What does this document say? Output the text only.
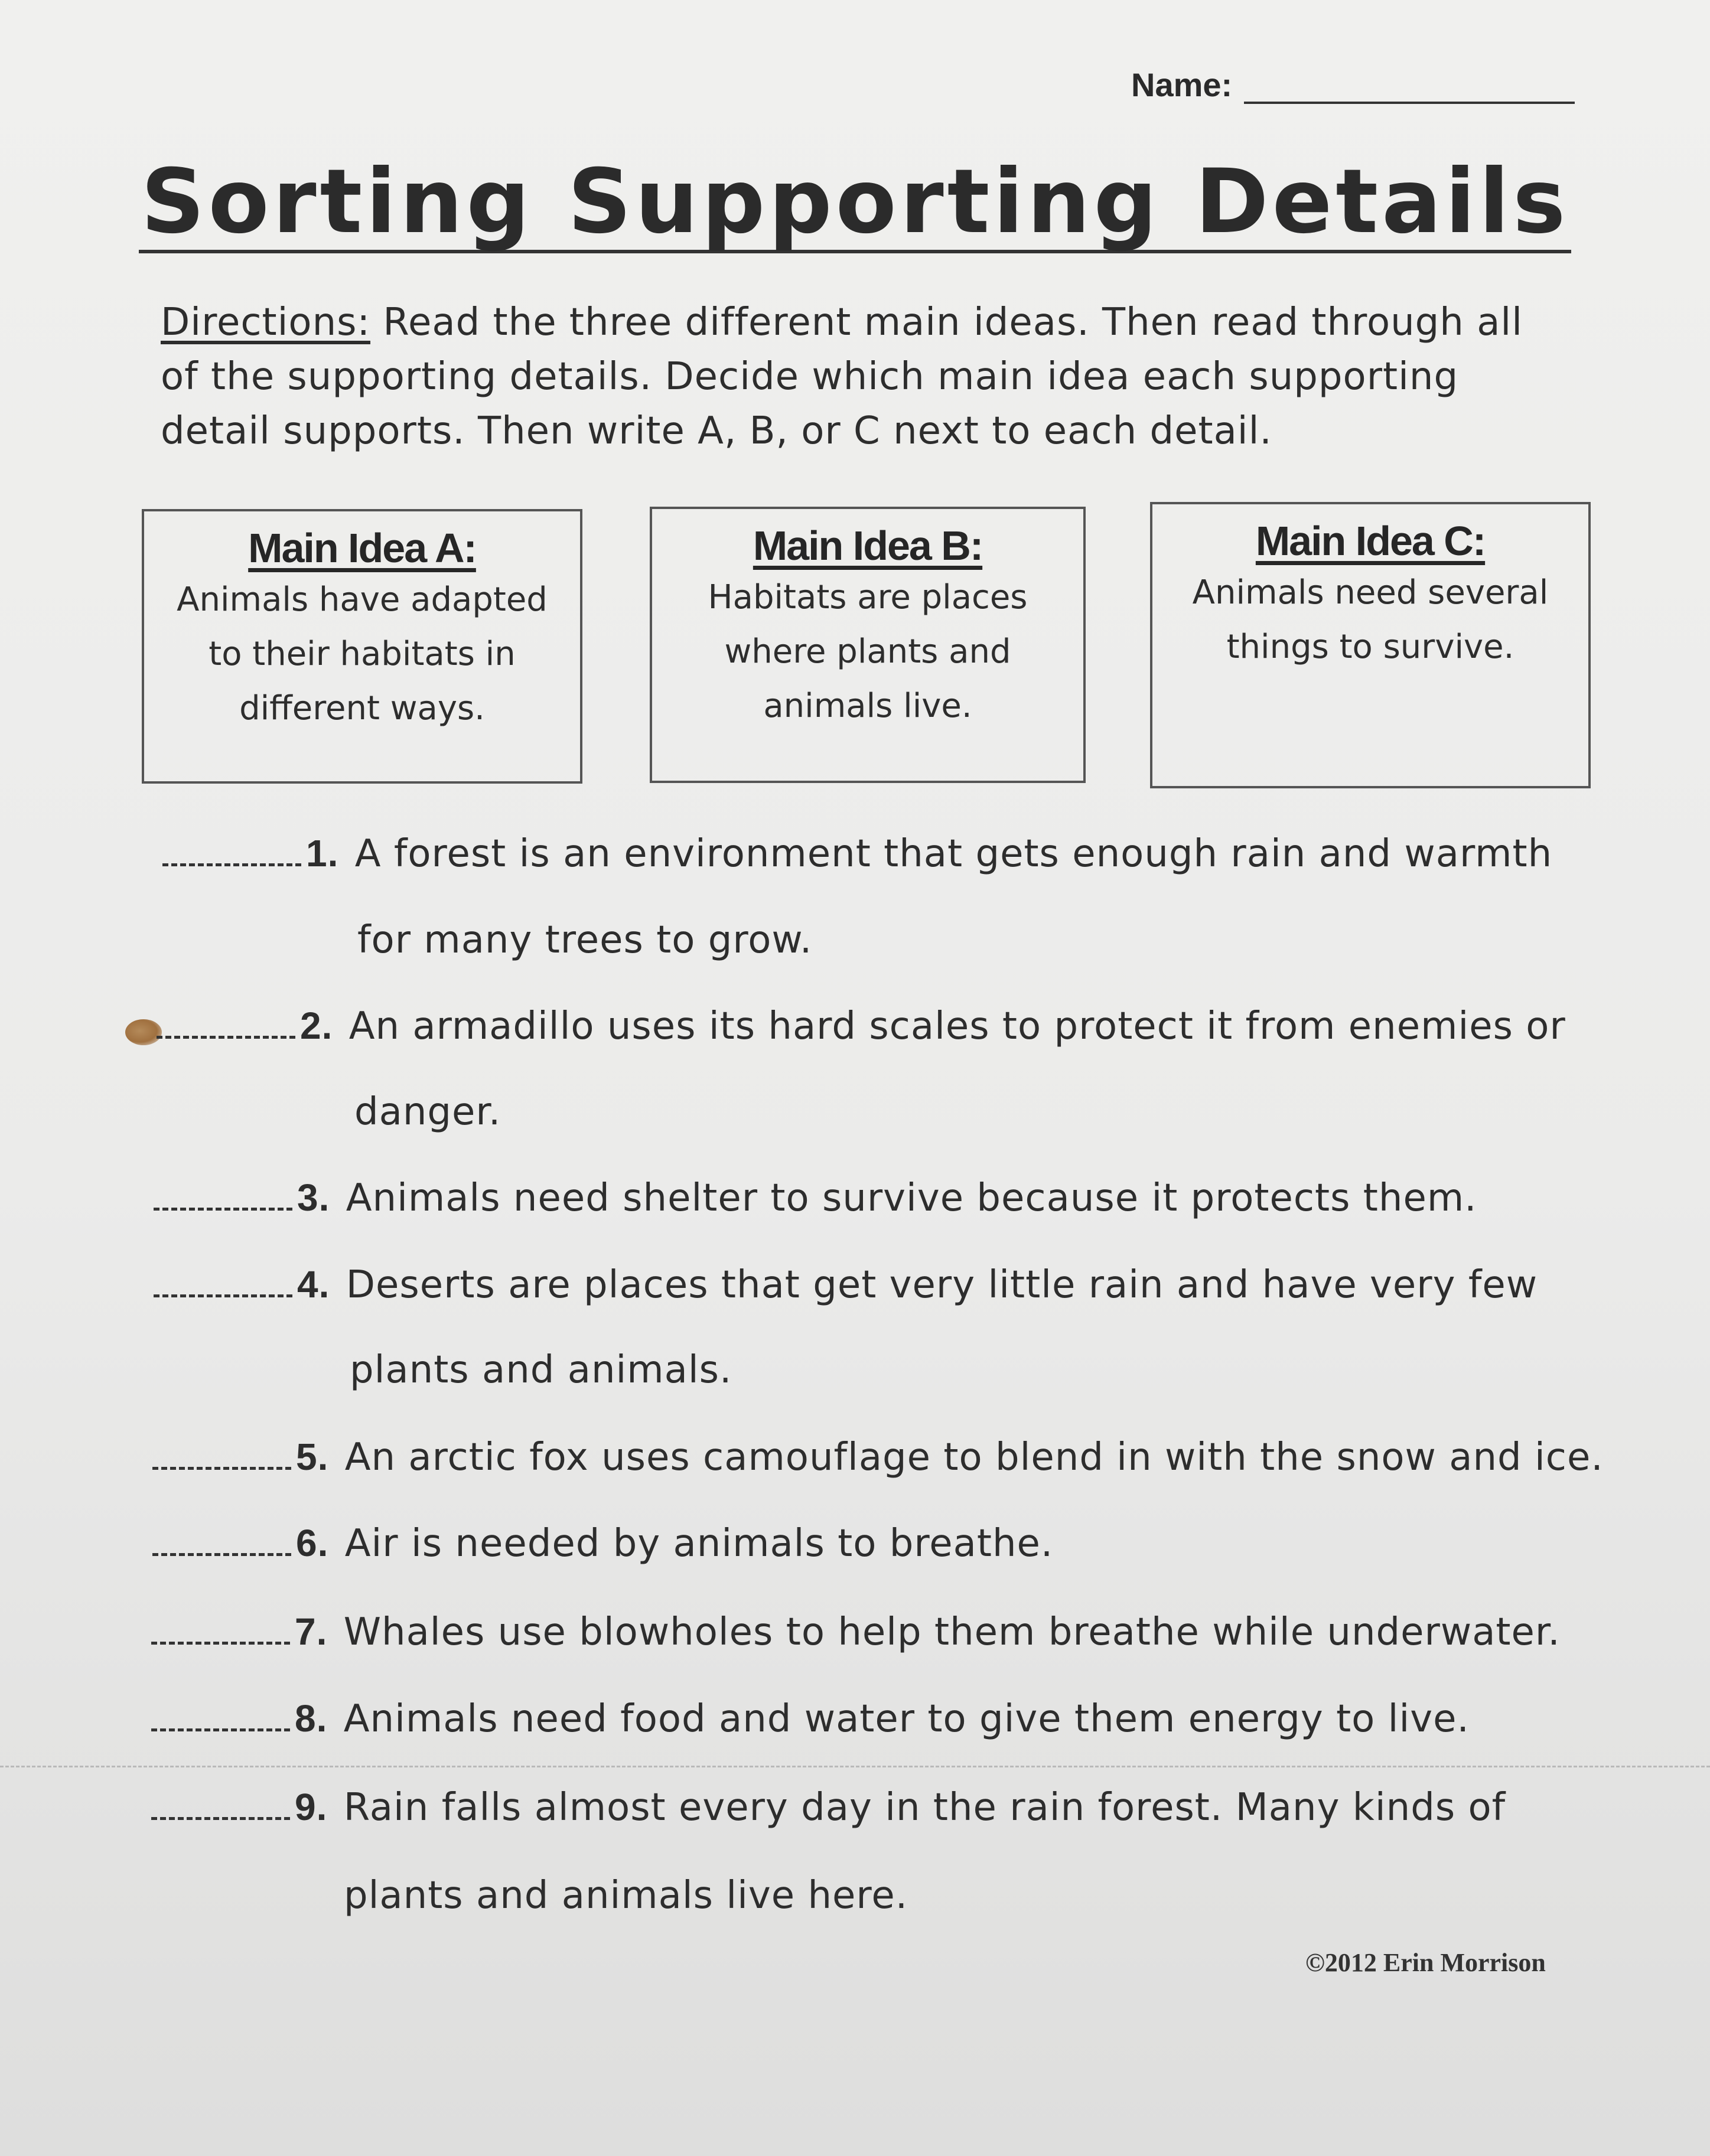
Name:
Sorting Supporting Details
Directions: Read the three different main ideas. Then read through all of the supporting details. Decide which main idea each supporting detail supports. Then write A, B, or C next to each detail.
Main Idea A:
Animals have adapted to their habitats in different ways.
Main Idea B:
Habitats are places where plants and animals live.
Main Idea C:
Animals need several things to survive.
1. A forest is an environment that gets enough rain and warmth
for many trees to grow.
2. An armadillo uses its hard scales to protect it from enemies or
danger.
3. Animals need shelter to survive because it protects them.
4. Deserts are places that get very little rain and have very few
plants and animals.
5. An arctic fox uses camouflage to blend in with the snow and ice.
6. Air is needed by animals to breathe.
7. Whales use blowholes to help them breathe while underwater.
8. Animals need food and water to give them energy to live.
9. Rain falls almost every day in the rain forest. Many kinds of
plants and animals live here.
©2012 Erin Morrison
